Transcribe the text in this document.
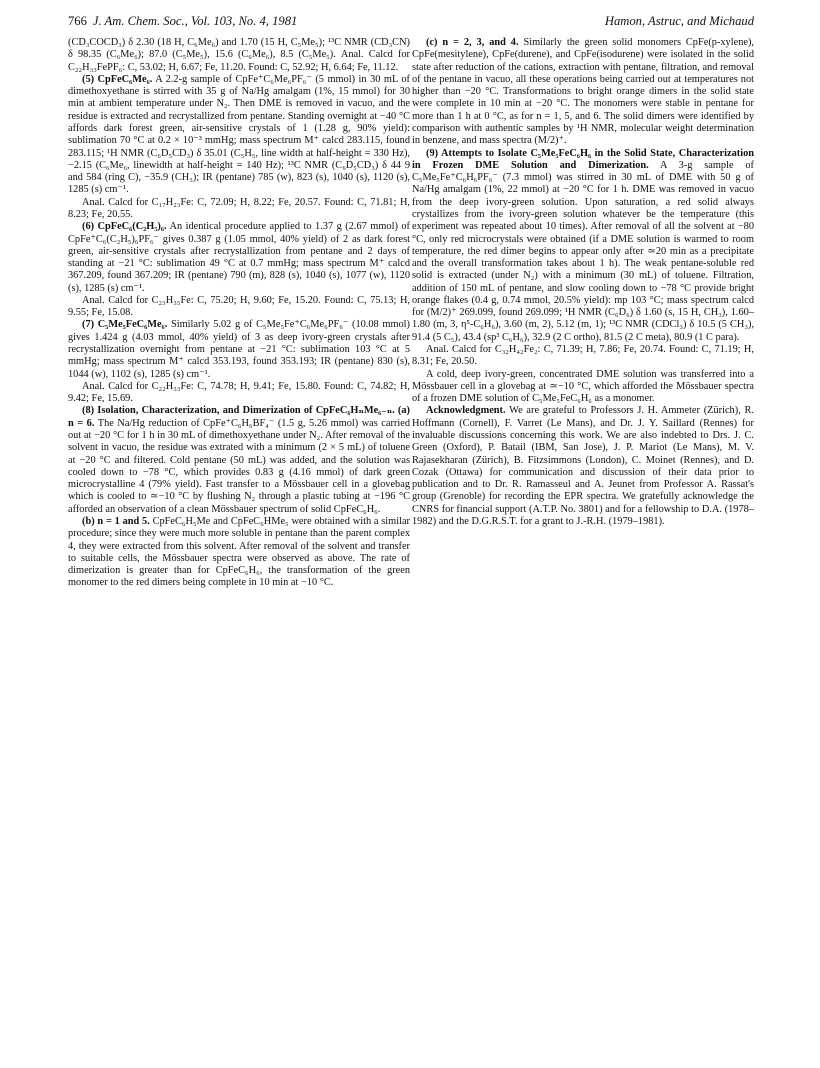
766 J. Am. Chem. Soc., Vol. 103, No. 4, 1981	Hamon, Astruc, and Michaud

(CD₃COCD₃) δ 2.30 (18 H, C₆Me₆) and 1.70 (15 H, C₅Me₅); ¹³C NMR (CD₃CN) δ 98.35 (C₆Me₆); 87.0 (C₅Me₅), 15.6 (C₆Me₆), 8.5 (C₅Me₅). Anal. Calcd for C₂₂H₃₃FePF₆: C, 53.02; H, 6.67; Fe, 11.20. Found: C, 52.92; H, 6.64; Fe, 11.12.

(5) CpFeC₆Me₆. A 2.2-g sample of CpFe⁺C₆Me₆PF₆⁻ (5 mmol) in 30 mL of dimethoxyethane is stirred with 35 g of Na/Hg amalgam (1%, 15 mmol) for 30 min at ambient temperature under N₂. Then DME is removed in vacuo, and the residue is extracted and recrystallized from pentane. Standing overnight at −40 °C affords dark forest green, air-sensitive crystals of 1 (1.28 g, 90% yield): sublimation 70 °C at 0.2 × 10⁻³ mmHg; mass spectrum M⁺ calcd 283.115, found 283.115; ¹H NMR (C₆D₅CD₃) δ 35.01 (C₅H₅, line width at half-height = 330 Hz), −2.15 (C₆Me₆, linewidth at half-height = 140 Hz); ¹³C NMR (C₆D₅CD₃) δ 44 9 and 584 (ring C), −35.9 (CH₃); IR (pentane) 785 (w), 823 (s), 1040 (s), 1120 (s), 1285 (s) cm⁻¹.

Anal. Calcd for C₁₇H₂₃Fe: C, 72.09; H, 8.22; Fe, 20.57. Found: C, 71.81; H, 8.23; Fe, 20.55.

(6) CpFeC₆(C₂H₅)₆. An identical procedure applied to 1.37 g (2.67 mmol) of CpFe⁺C₆(C₂H₅)₆PF₆⁻ gives 0.387 g (1.05 mmol, 40% yield) of 2 as dark forest green, air-sensitive crystals after recrystallization from pentane and 2 days of standing at −21 °C: sublimation 49 °C at 0.7 mmHg; mass spectrum M⁺ calcd 367.209, found 367.209; IR (pentane) 790 (m), 828 (s), 1040 (s), 1077 (w), 1120 (s), 1285 (s) cm⁻¹.

Anal. Calcd for C₂₃H₃₅Fe: C, 75.20; H, 9.60; Fe, 15.20. Found: C, 75.13; H, 9.55; Fe, 15.08.

(7) C₅Me₅FeC₆Me₆. Similarly 5.02 g of C₅Me₅Fe⁺C₆Me₆PF₆⁻ (10.08 mmol) gives 1.424 g (4.03 mmol, 40% yield) of 3 as deep ivory-green crystals after recrystallization overnight from pentane at −21 °C: sublimation 103 °C at 5 mmHg; mass spectrum M⁺ calcd 353.193, found 353.193; IR (pentane) 830 (s), 1044 (w), 1102 (s), 1285 (s) cm⁻¹.

Anal. Calcd for C₂₂H₃₃Fe: C, 74.78; H, 9.41; Fe, 15.80. Found: C, 74.82; H, 9.42; Fe, 15.69.

(8) Isolation, Characterization, and Dimerization of CpFeC₆HₙMe₆₋ₙ. (a) n = 6. The Na/Hg reduction of CpFe⁺C₆H₆BF₄⁻ (1.5 g, 5.26 mmol) was carried out at −20 °C for 1 h in 30 mL of dimethoxyethane under N₂. After removal of the solvent in vacuo, the residue was extrated with a minimum (2 × 5 mL) of toluene at −20 °C and filtered. Cold pentane (50 mL) was added, and the solution was cooled down to −78 °C, which provides 0.83 g (4.16 mmol) of dark green microcrystalline 4 (79% yield). Fast transfer to a Mössbauer cell in a glovebag which is cooled to ≃−10 °C by flushing N₂ through a plastic tubing at −196 °C afforded an observation of a clean Mössbauer spectrum of solid CpFeC₆H₆.

(b) n = 1 and 5. CpFeC₆H₅Me and CpFeC₆HMe₅ were obtained with a similar procedure; since they were much more soluble in pentane than the parent complex 4, they were extracted from this solvent. After removal of the solvent and transfer to suitable cells, the Mössbauer spectra were observed as above. The rate of dimerization is greater than for CpFeC₆H₆, the transformation of the green monomer to the red dimers being complete in 10 min at −10 °C.

(c) n = 2, 3, and 4. Similarly the green solid monomers CpFe(p-xylene), CpFe(mesitylene), CpFe(durene), and CpFe(isodurene) were isolated in the solid state after reduction of the cations, extraction with pentane, filtration, and removal of the pentane in vacuo, all these operations being carried out at temperatures not higher than −20 °C. Transformations to bright orange dimers in the solid state were complete in 10 min at −20 °C. The monomers were stable in pentane for more than 1 h at 0 °C, as for n = 1, 5, and 6. The solid dimers were identified by comparison with authentic samples by ¹H NMR, molecular weight determination in benzene, and mass spectra (M/2)⁺.

(9) Attempts to Isolate C₅Me₅FeC₆H₆ in the Solid State, Characterization in Frozen DME Solution and Dimerization. A 3-g sample of C₅Me₅Fe⁺C₆H₆PF₆⁻ (7.3 mmol) was stirred in 30 mL of DME with 50 g of Na/Hg amalgam (1%, 22 mmol) at −20 °C for 1 h. DME was removed in vacuo from the deep ivory-green solution. Upon saturation, a red solid always crystallizes from the ivory-green solution whatever be the temperature (this experiment was repeated about 10 times). After removal of all the solvent at −80 °C, only red microcrystals were obtained (if a DME solution is warmed to room temperature, the red dimer begins to appear only after ≃20 min as a precipitate and the overall transformation takes about 1 h). The weak pentane-soluble red solid is extracted (under N₂) with a minimum (30 mL) of toluene. Filtration, addition of 150 mL of pentane, and slow cooling down to −78 °C provide bright orange flakes (0.4 g, 0.74 mmol, 20.5% yield): mp 103 °C; mass spectrum calcd for (M/2)⁺ 269.099, found 269.099; ¹H NMR (C₆D₆) δ 1.60 (s, 15 H, CH₃), 1.60–1.80 (m, 3, η⁵-C₆H₆), 3.60 (m, 2), 5.12 (m, 1); ¹³C NMR (CDCl₃) δ 10.5 (5 CH₃), 91.4 (5 C₅), 43.4 (sp³ C₆H₆), 32.9 (2 C ortho), 81.5 (2 C meta), 80.9 (1 C para).

Anal. Calcd for C₃₂H₄₂Fe₂: C, 71.39; H, 7.86; Fe, 20.74. Found: C, 71.19; H, 8.31; Fe, 20.50.

A cold, deep ivory-green, concentrated DME solution was transferred into a Mössbauer cell in a glovebag at ≃−10 °C, which afforded the Mössbauer spectra of a frozen DME solution of C₅Me₅FeC₆H₆ as a monomer.

Acknowledgment. We are grateful to Professors J. H. Ammeter (Zürich), R. Hoffmann (Cornell), F. Varret (Le Mans), and Dr. J. Y. Saillard (Rennes) for invaluable discussions concerning this work. We are also indebted to Drs. J. C. Green (Oxford), P. Batail (IBM, San Jose), J. P. Mariot (Le Mans), M. V. Rajasekharan (Zürich), B. Fitzsimmons (London), C. Moinet (Rennes), and D. Cozak (Ottawa) for communication and discussion of their data prior to publication and to Dr. R. Ramasseul and A. Jeunet from Professor A. Rassat's group (Grenoble) for recording the EPR spectra. We gratefully acknowledge the CNRS for financial support (A.T.P. No. 3801) and for a fellowship to D.A. (1978–1982) and the D.G.R.S.T. for a grant to J.-R.H. (1979–1981).
